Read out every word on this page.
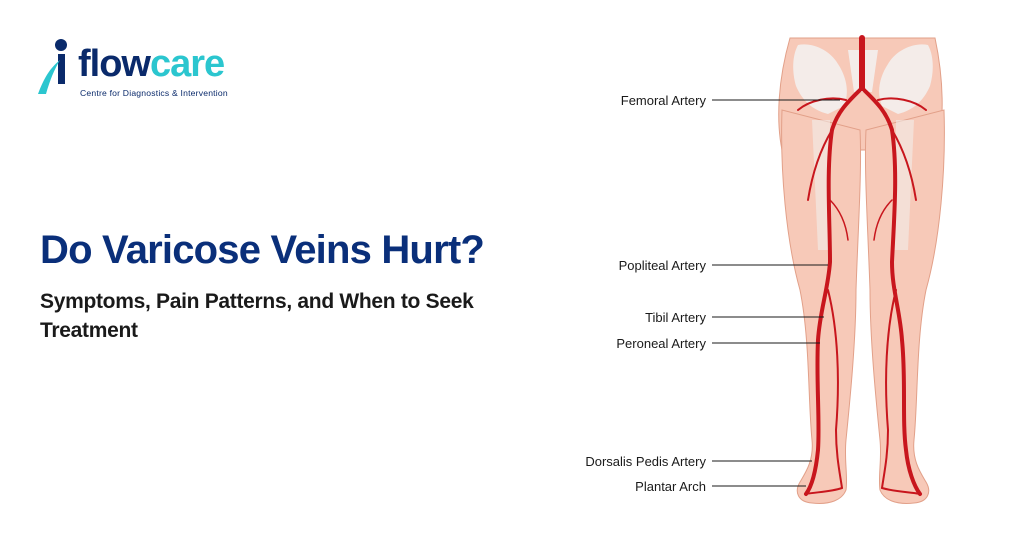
flowcare
Centre for Diagnostics & Intervention
Do Varicose Veins Hurt?

Symptoms, Pain Patterns, and When to Seek Treatment

Femoral Artery
Popliteal Artery
Tibil Artery
Peroneal Artery
Dorsalis Pedis Artery
Plantar Arch
